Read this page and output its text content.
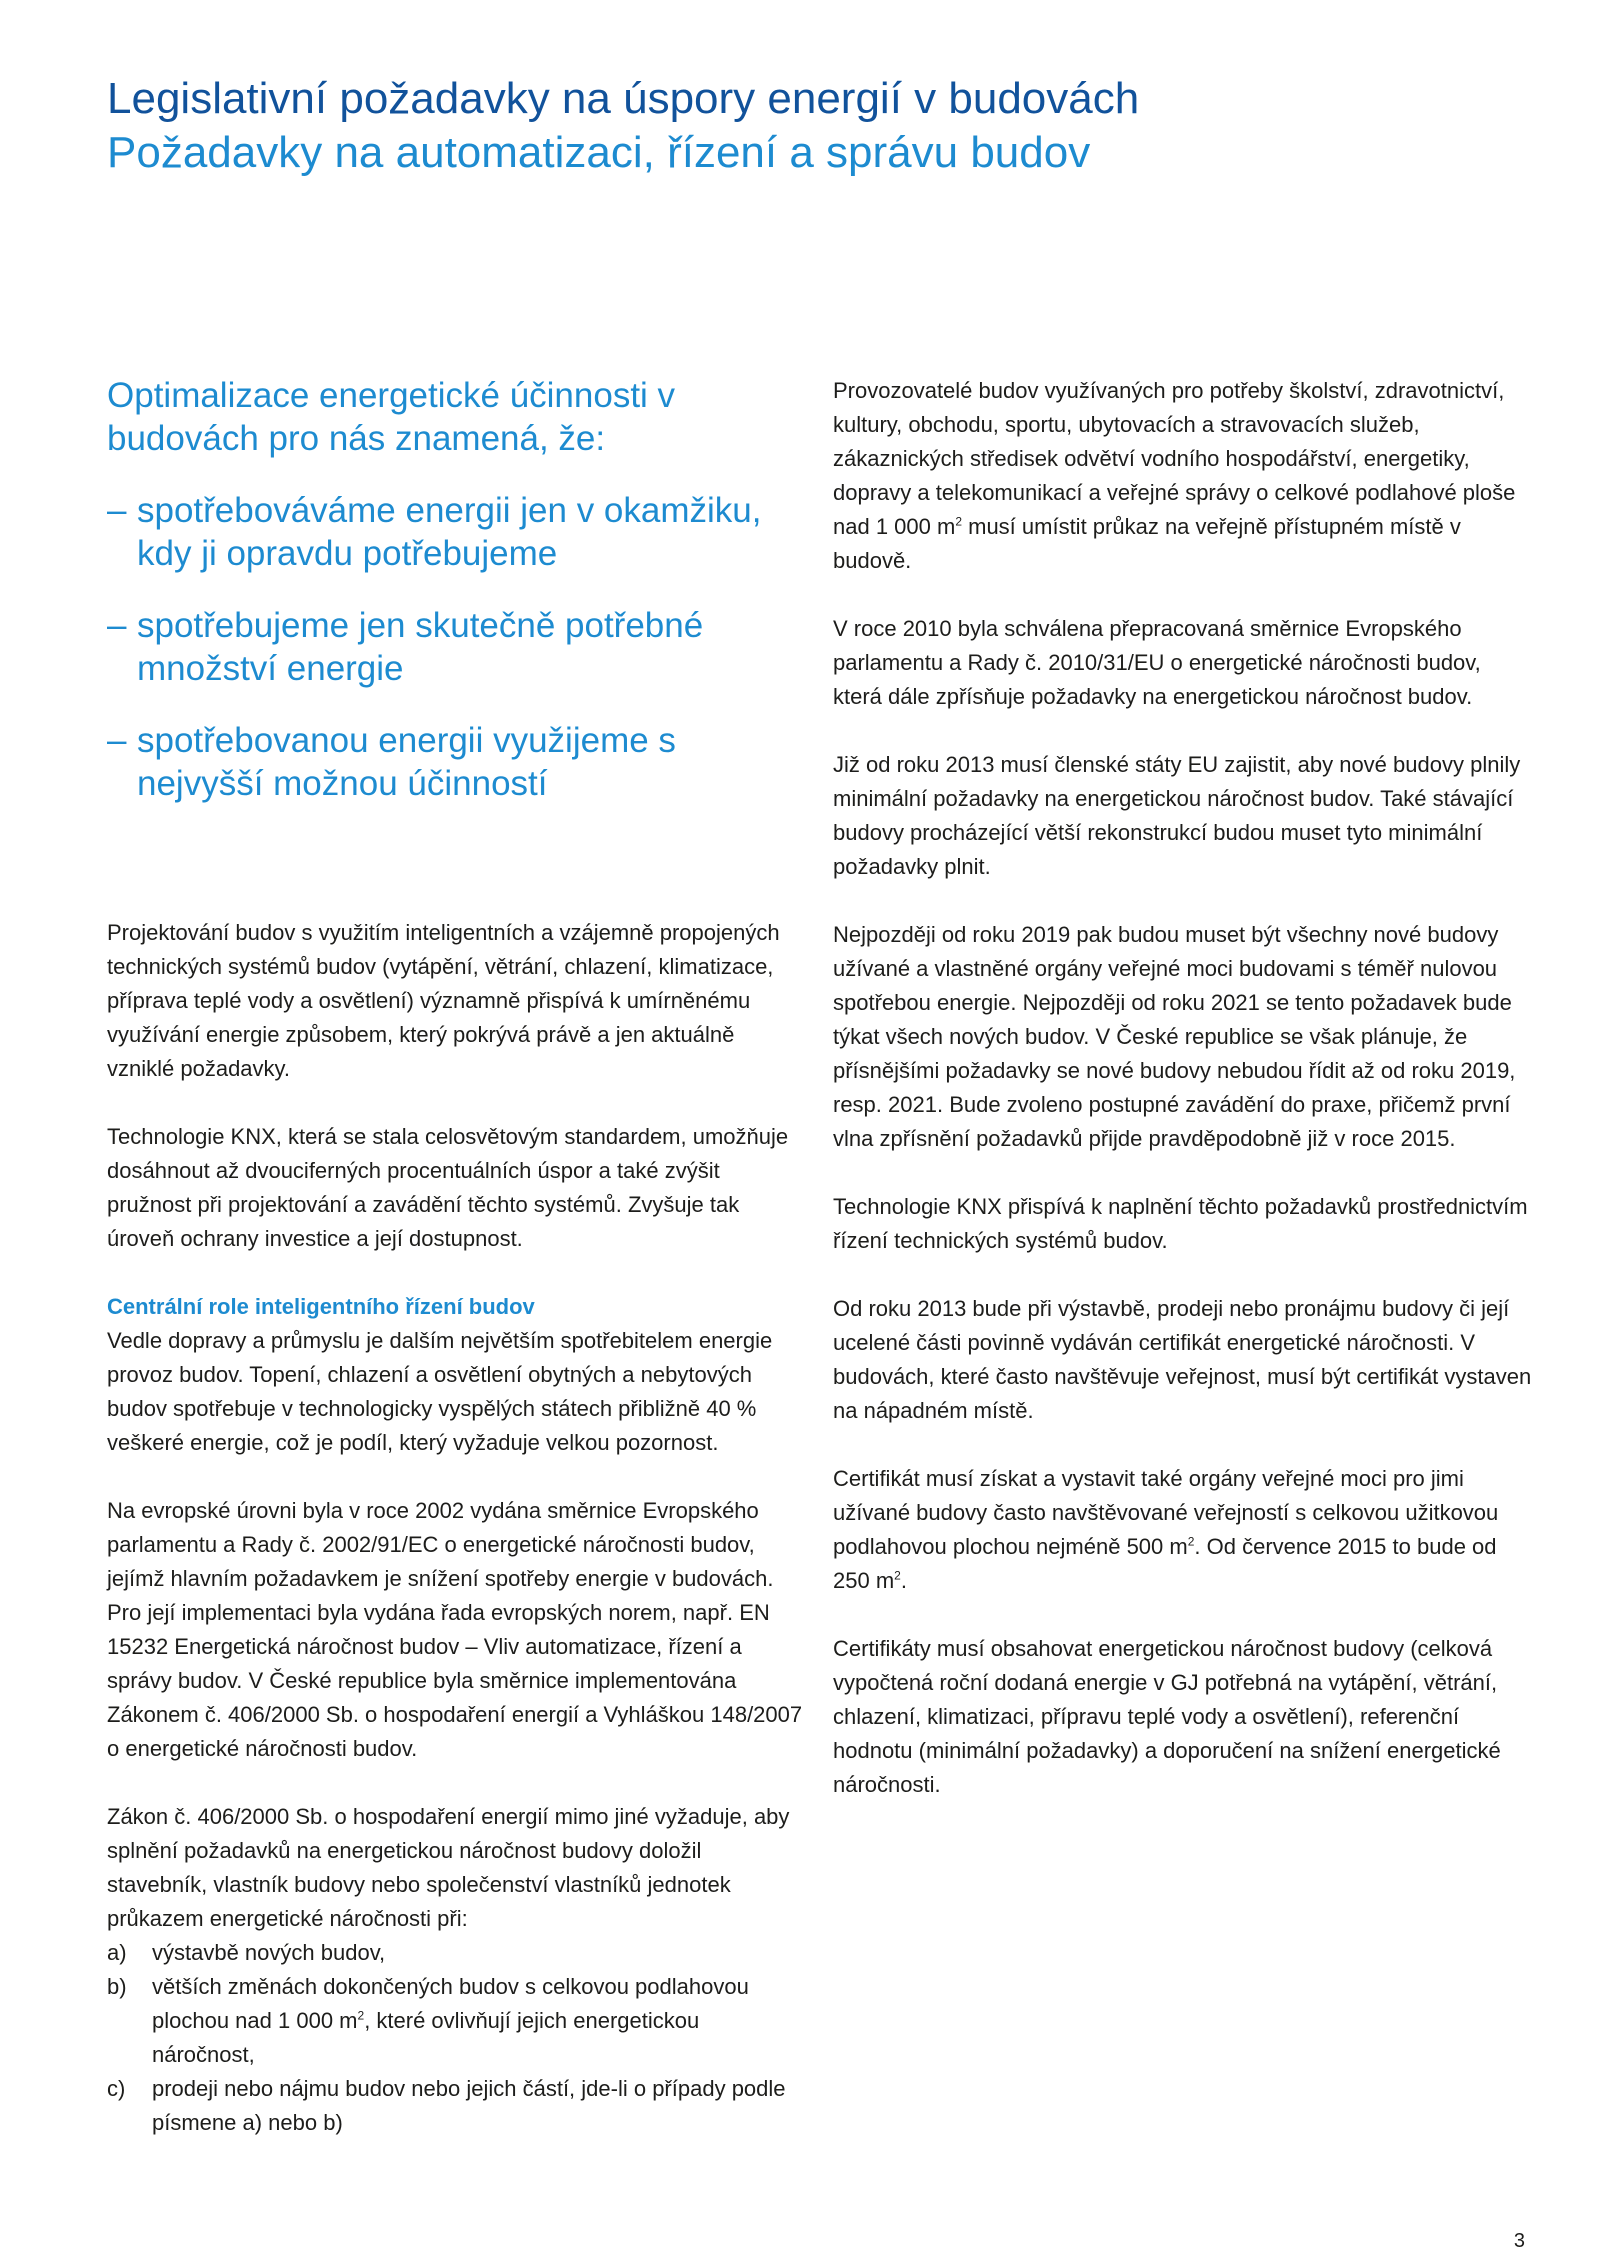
Legislativní požadavky na úspory energií v budovách
Požadavky na automatizaci, řízení a správu budov

Optimalizace energetické účinnosti v budovách pro nás znamená, že:

– spotřebováváme energii jen v okamžiku, kdy ji opravdu potřebujeme
– spotřebujeme jen skutečně potřebné množství energie
– spotřebovanou energii využijeme s nejvyšší možnou účinností

Projektování budov s využitím inteligentních a vzájemně propojených technických systémů budov (vytápění, větrání, chlazení, klimatizace, příprava teplé vody a osvětlení) významně přispívá k umírněnému využívání energie způsobem, který pokrývá právě a jen aktuálně vzniklé požadavky.

Technologie KNX, která se stala celosvětovým standardem, umožňuje dosáhnout až dvouciferných procentuálních úspor a také zvýšit pružnost při projektování a zavádění těchto systémů. Zvyšuje tak úroveň ochrany investice a její dostupnost.

Centrální role inteligentního řízení budov
Vedle dopravy a průmyslu je dalším největším spotřebitelem energie provoz budov. Topení, chlazení a osvětlení obytných a nebytových budov spotřebuje v technologicky vyspělých státech přibližně 40 % veškeré energie, což je podíl, který vyžaduje velkou pozornost.

Na evropské úrovni byla v roce 2002 vydána směrnice Evropského parlamentu a Rady č. 2002/91/EC o energetické náročnosti budov, jejímž hlavním požadavkem je snížení spotřeby energie v budovách. Pro její implementaci byla vydána řada evropských norem, např. EN 15232 Energetická náročnost budov – Vliv automatizace, řízení a správy budov. V České republice byla směrnice implementována Zákonem č. 406/2000 Sb. o hospodaření energií a Vyhláškou 148/2007 o energetické náročnosti budov.

Zákon č. 406/2000 Sb. o hospodaření energií mimo jiné vyžaduje, aby splnění požadavků na energetickou náročnost budovy doložil stavebník, vlastník budovy nebo společenství vlastníků jednotek průkazem energetické náročnosti při:

a) výstavbě nových budov,
b) větších změnách dokončených budov s celkovou podlahovou plochou nad 1 000 $m^2$, které ovlivňují jejich energetickou náročnost,
c) prodeji nebo nájmu budov nebo jejich částí, jde-li o případy podle písmene a) nebo b)

Provozovatelé budov využívaných pro potřeby školství, zdravotnictví, kultury, obchodu, sportu, ubytovacích a stravovacích služeb, zákaznických středisek odvětví vodního hospodářství, energetiky, dopravy a telekomunikací a veřejné správy o celkové podlahové ploše nad 1 000 $m^2$ musí umístit průkaz na veřejně přístupném místě v budově.

V roce 2010 byla schválena přepracovaná směrnice Evropského parlamentu a Rady č. 2010/31/EU o energetické náročnosti budov, která dále zpřísňuje požadavky na energetickou náročnost budov.

Již od roku 2013 musí členské státy EU zajistit, aby nové budovy plnily minimální požadavky na energetickou náročnost budov. Také stávající budovy procházející větší rekonstrukcí budou muset tyto minimální požadavky plnit.

Nejpozději od roku 2019 pak budou muset být všechny nové budovy užívané a vlastněné orgány veřejné moci budovami s téměř nulovou spotřebou energie. Nejpozději od roku 2021 se tento požadavek bude týkat všech nových budov. V České republice se však plánuje, že přísnějšími požadavky se nové budovy nebudou řídit až od roku 2019, resp. 2021. Bude zvoleno postupné zavádění do praxe, přičemž první vlna zpřísnění požadavků přijde pravděpodobně již v roce 2015.

Technologie KNX přispívá k naplnění těchto požadavků prostřednictvím řízení technických systémů budov.

Od roku 2013 bude při výstavbě, prodeji nebo pronájmu budovy či její ucelené části povinně vydáván certifikát energetické náročnosti. V budovách, které často navštěvuje veřejnost, musí být certifikát vystaven na nápadném místě.

Certifikát musí získat a vystavit také orgány veřejné moci pro jimi užívané budovy často navštěvované veřejností s celkovou užitkovou podlahovou plochou nejméně 500 $m^2$. Od července 2015 to bude od 250 $m^2$.

Certifikáty musí obsahovat energetickou náročnost budovy (celková vypočtená roční dodaná energie v GJ potřebná na vytápění, větrání, chlazení, klimatizaci, přípravu teplé vody a osvětlení), referenční hodnotu (minimální požadavky) a doporučení na snížení energetické náročnosti.

3
